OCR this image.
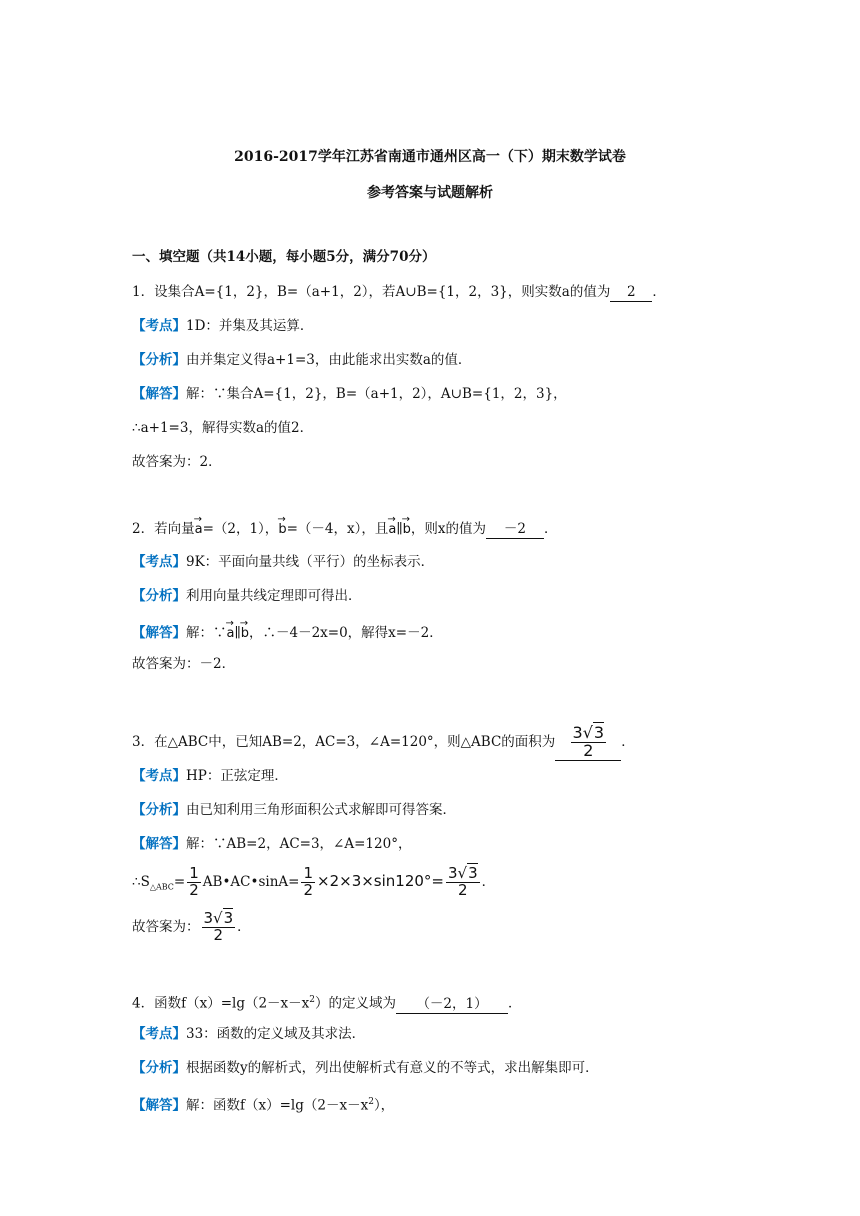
2016-2017学年江苏省南通市通州区高一（下）期末数学试卷
参考答案与试题解析
一、填空题（共14小题，每小题5分，满分70分）
1．设集合A={1，2}，B=（a+1，2），若A∪B={1，2，3}，则实数a的值为 2 ．
【考点】1D：并集及其运算．
【分析】由并集定义得a+1=3，由此能求出实数a的值．
【解答】解：∵集合A={1，2}，B=（a+1，2），A∪B={1，2，3}，
∴a+1=3，解得实数a的值2．
故答案为：2．
2．若向量
→
a=（2，1），
→
b=（－4，x），且
→
a∥
→
b，则x的值为 －2 ．
【考点】9K：平面向量共线（平行）的坐标表示．
【分析】利用向量共线定理即可得出．
【解答】解：∵
→
a∥
→
b，∴－4－2x=0，解得x=－2．
故答案为：－2．
3．在△ABC中，已知AB=2，AC=3，∠A=120°，则△ABC的面积为 $\frac{3√3}{2}$ ．
【考点】HP：正弦定理．
【分析】由已知利用三角形面积公式求解即可得答案．
【解答】解：∵AB=2，AC=3，∠A=120°，
$\therefore S_{\triangle ABC}= \frac{1}{2}$ AB•AC•sinA= $\frac{1}{2} \times 2\times 3\times\sin 120^\circ= \frac{3√3}{2}$ ．
故答案为： $\frac{3√3}{2}$ ．
4．函数$f(x)=\lg(2-x-x^2)$的定义域为 （－2，1） ．
【考点】33：函数的定义域及其求法．
【分析】根据函数y的解析式，列出使解析式有意义的不等式，求出解集即可．
【解答】解：函数$f(x)=\lg(2-x-x^2)$，
